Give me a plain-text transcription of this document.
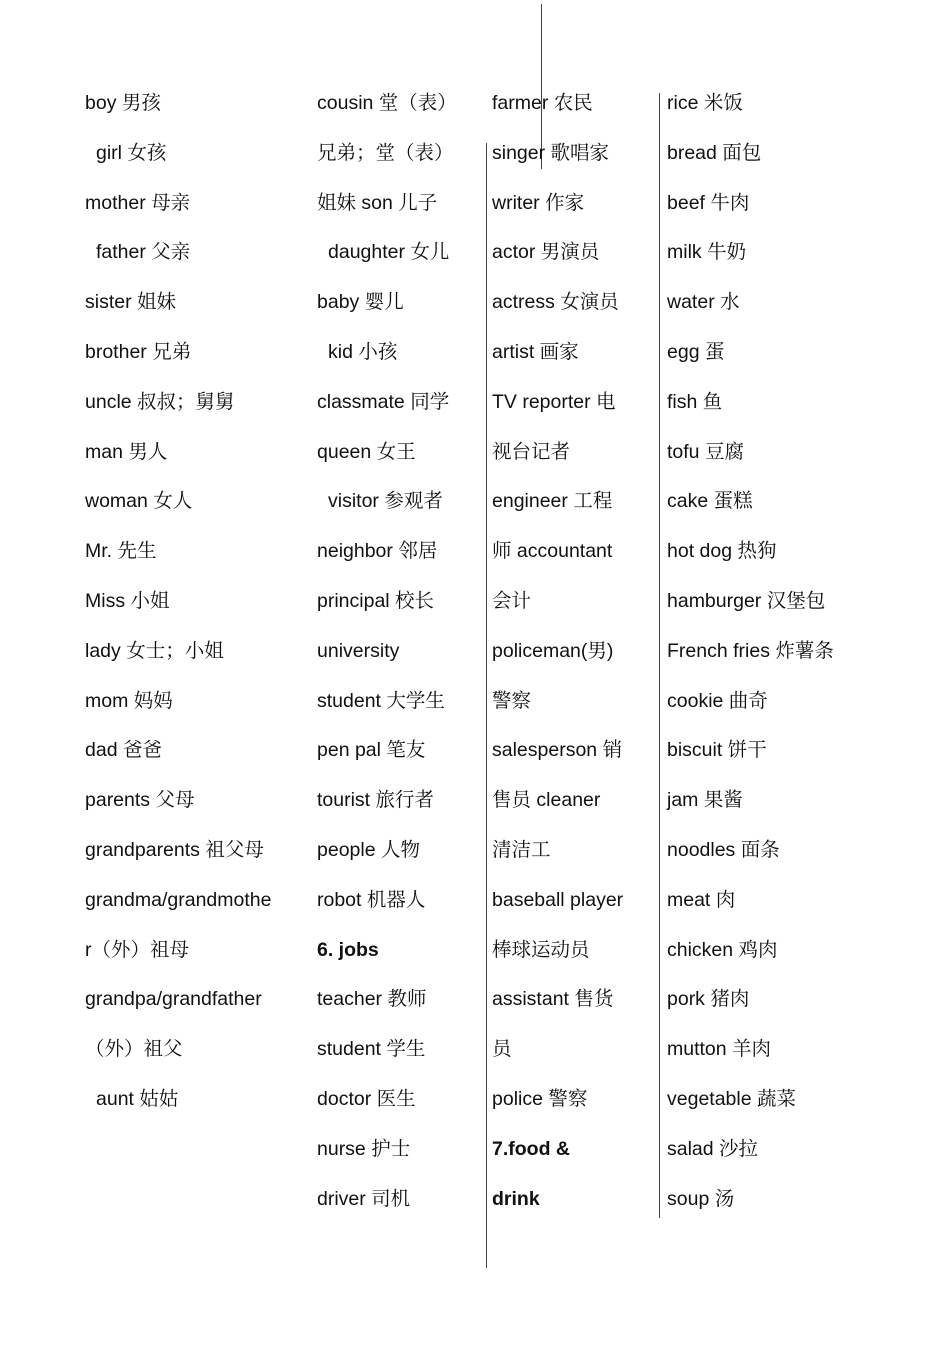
boy 男孩
girl 女孩
mother 母亲
father 父亲
sister 姐妹
brother 兄弟
uncle 叔叔；舅舅
man 男人
woman 女人
Mr. 先生
Miss 小姐
lady 女士；小姐
mom 妈妈
dad 爸爸
parents 父母
grandparents 祖父母
grandma/grandmothe
r（外）祖母
grandpa/grandfather
（外）祖父
aunt 姑姑
cousin 堂（表）
兄弟；堂（表）
姐妹 son 儿子
daughter 女儿
baby 婴儿
kid 小孩
classmate 同学
queen 女王
visitor 参观者
neighbor 邻居
principal 校长
university
student 大学生
pen pal 笔友
tourist 旅行者
people 人物
robot 机器人
6. jobs
teacher 教师
student 学生
doctor 医生
nurse 护士
driver 司机
farmer 农民
singer 歌唱家
writer 作家
actor 男演员
actress 女演员
artist 画家
TV reporter 电
视台记者
engineer 工程
师 accountant
会计
policeman(男)
警察
salesperson 销
售员 cleaner
清洁工
baseball player
棒球运动员
assistant 售货
员
police 警察
7.food &
drink
rice 米饭
bread 面包
beef 牛肉
milk 牛奶
water 水
egg 蛋
fish 鱼
tofu 豆腐
cake 蛋糕
hot dog 热狗
hamburger 汉堡包
French fries 炸薯条
cookie 曲奇
biscuit 饼干
jam 果酱
noodles 面条
meat 肉
chicken 鸡肉
pork 猪肉
mutton 羊肉
vegetable 蔬菜
salad 沙拉
soup 汤
